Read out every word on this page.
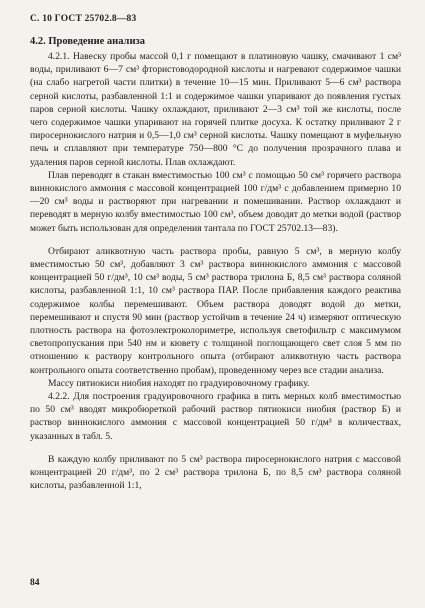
С. 10 ГОСТ 25702.8—83
4.2. Проведение анализа

4.2.1. Навеску пробы массой 0,1 г помещают в платиновую чашку, смачивают 1 см³ воды, приливают 6—7 см³ фтористоводородной кислоты и нагревают содержимое чашки (на слабо нагретой части плитки) в течение 10—15 мин. Приливают 5—6 см³ раствора серной кислоты, разбавленной 1:1 и содержимое чашки упаривают до появления густых паров серной кислоты. Чашку охлаждают, приливают 2—3 см³ той же кислоты, после чего содержимое чашки упаривают на горячей плитке досуха. К остатку приливают 2 г пиросернокислого натрия и 0,5—1,0 см³ серной кислоты. Чашку помещают в муфельную печь и сплавляют при температуре 750—800 °С до получения прозрачного плава и удаления паров серной кислоты. Плав охлаждают.

Плав переводят в стакан вместимостью 100 см³ с помощью 50 см³ горячего раствора виннокислого аммония с массовой концентрацией 100 г/дм³ с добавлением примерно 10—20 см³ воды и растворяют при нагревании и помешивании. Раствор охлаждают и переводят в мерную колбу вместимостью 100 см³, объем доводят до метки водой (раствор может быть использован для определения тантала по ГОСТ 25702.13—83).

Отбирают аликвотную часть раствора пробы, равную 5 см³, в мерную колбу вместимостью 50 см³, добавляют 3 см³ раствора виннокислого аммония с массовой концентрацией 50 г/дм³, 10 см³ воды, 5 см³ раствора трилона Б, 8,5 см³ раствора соляной кислоты, разбавленной 1:1, 10 см³ раствора ПАР. После прибавления каждого реактива содержимое колбы перемешивают. Объем раствора доводят водой до метки, перемешивают и спустя 90 мин (раствор устойчив в течение 24 ч) измеряют оптическую плотность раствора на фотоэлектроколориметре, используя светофильтр с максимумом светопропускания при 540 нм и кювету с толщиной поглощающего свет слоя 5 мм по отношению к раствору контрольного опыта (отбирают аликвотную часть раствора контрольного опыта соответственно пробам), проведенному через все стадии анализа.

Массу пятиокиси ниобия находят по градуировочному графику.

4.2.2. Для построения градуировочного графика в пять мерных колб вместимостью по 50 см³ вводят микробюреткой рабочий раствор пятиокиси ниобия (раствор Б) и раствор виннокислого аммония с массовой концентрацией 50 г/дм³ в количествах, указанных в табл. 5.

В каждую колбу приливают по 5 см³ раствора пиросернокислого натрия с массовой концентрацией 20 г/дм³, по 2 см³ раствора трилона Б, по 8,5 см³ раствора соляной кислоты, разбавленной 1:1,

84
